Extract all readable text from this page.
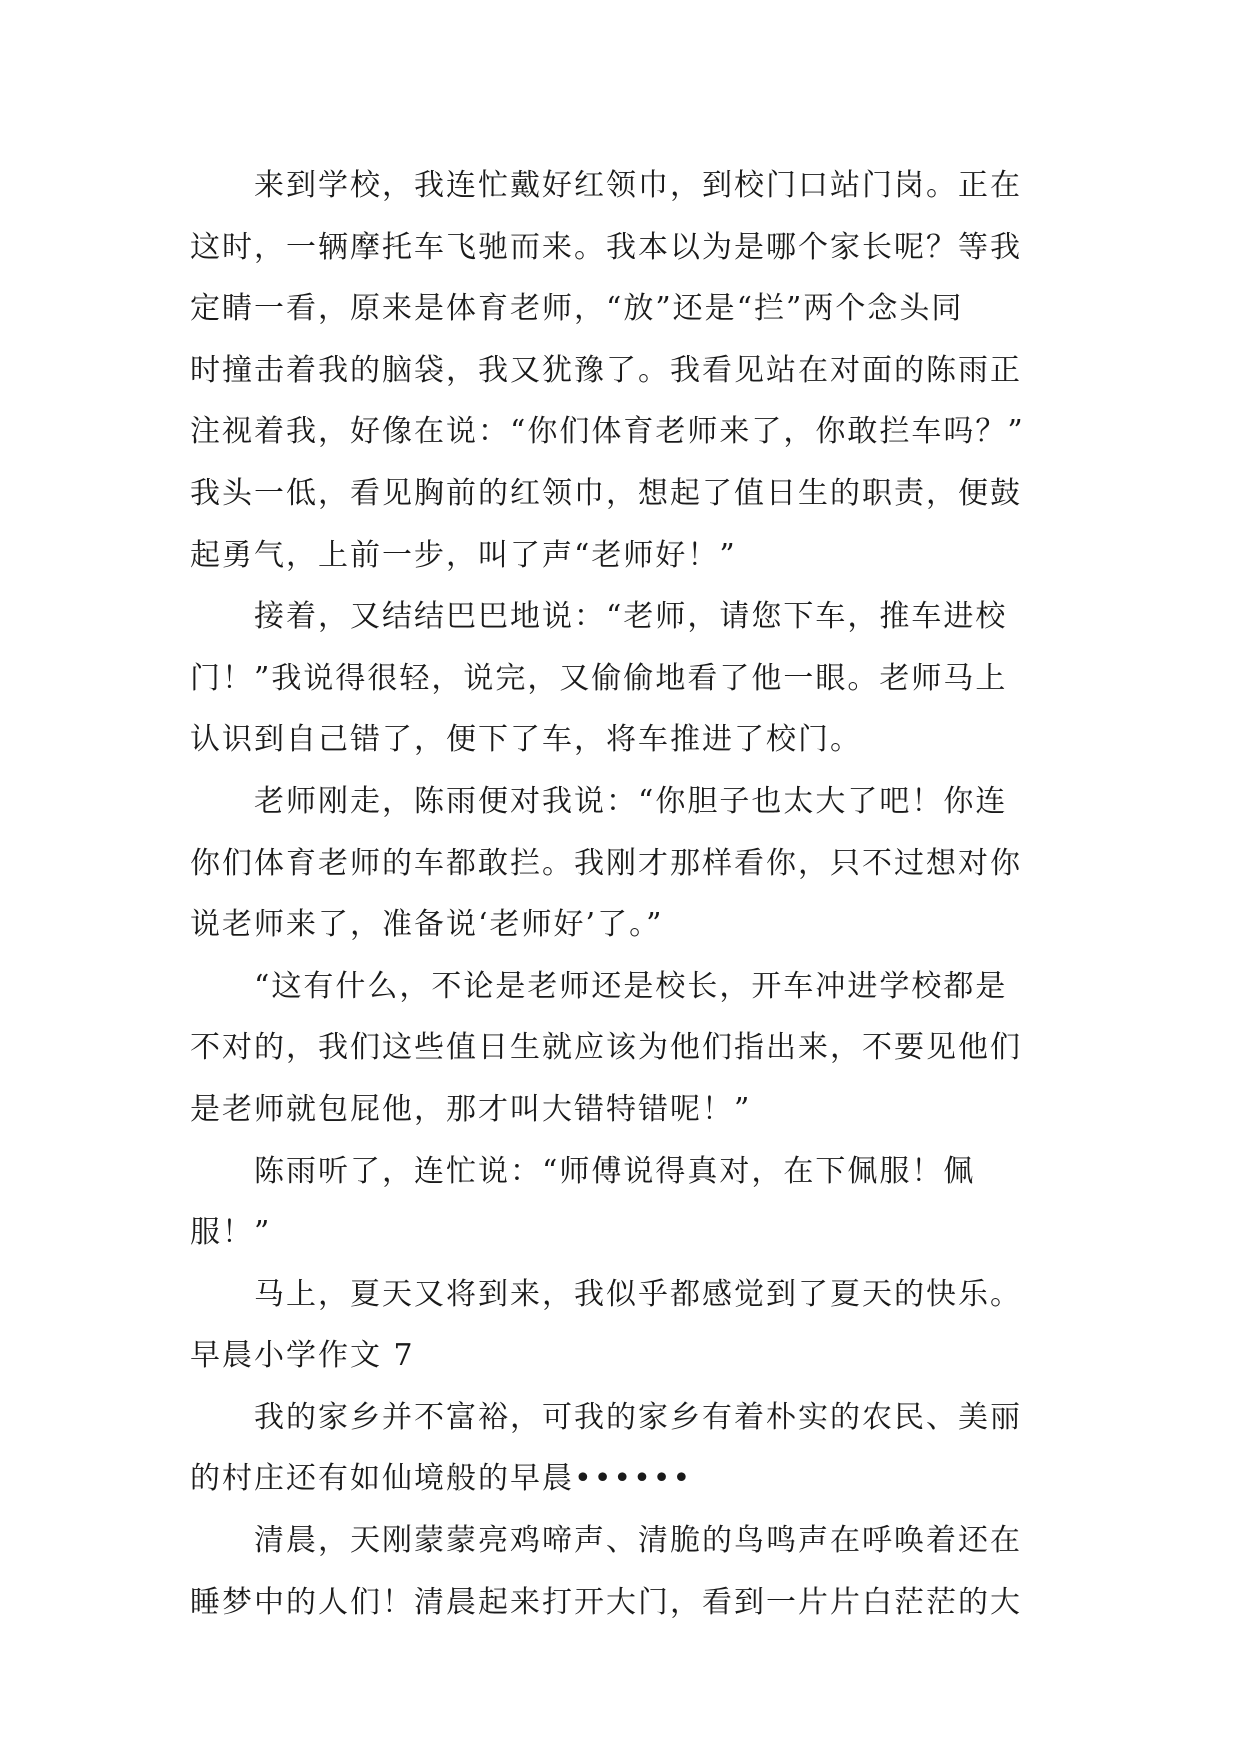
来到学校，我连忙戴好红领巾，到校门口站门岗。正在
这时，一辆摩托车飞驰而来。我本以为是哪个家长呢？等我
定睛一看，原来是体育老师，“放”还是“拦”两个念头同
时撞击着我的脑袋，我又犹豫了。我看见站在对面的陈雨正
注视着我，好像在说：“你们体育老师来了，你敢拦车吗？”
我头一低，看见胸前的红领巾，想起了值日生的职责，便鼓
起勇气，上前一步，叫了声“老师好！”
接着，又结结巴巴地说：“老师，请您下车，推车进校
门！”我说得很轻，说完，又偷偷地看了他一眼。老师马上
认识到自己错了，便下了车，将车推进了校门。
老师刚走，陈雨便对我说：“你胆子也太大了吧！你连
你们体育老师的车都敢拦。我刚才那样看你，只不过想对你
说老师来了，准备说‘老师好’了。”
“这有什么，不论是老师还是校长，开车冲进学校都是
不对的，我们这些值日生就应该为他们指出来，不要见他们
是老师就包屁他，那才叫大错特错呢！”
陈雨听了，连忙说：“师傅说得真对，在下佩服！佩
服！”
马上，夏天又将到来，我似乎都感觉到了夏天的快乐。
早晨小学作文 7
我的家乡并不富裕，可我的家乡有着朴实的农民、美丽
的村庄还有如仙境般的早晨••••••
清晨，天刚蒙蒙亮鸡啼声、清脆的鸟鸣声在呼唤着还在
睡梦中的人们！清晨起来打开大门，看到一片片白茫茫的大
